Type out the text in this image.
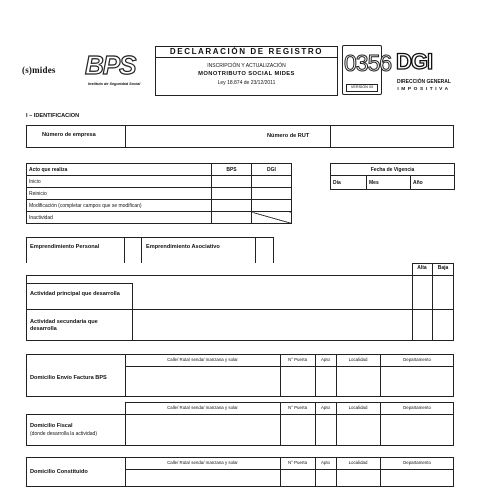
(s)mides BPS
Instituto de Seguridad Social
DECLARACIÓN DE REGISTRO
INSCRIPCIÓN Y ACTUALIZACIÓN
MONOTRIBUTO SOCIAL MIDES
Ley 18.874 de 23/12/2011
0356
VERSIÓN 00
DGI
DIRECCIÓN GENERAL
IMPOSITIVA
I – IDENTIFICACION
Número de empresa	Número de RUT
Acto que realiza	BPS	DGI
Inicio		
Reinicio		
Modificación (completar campos que se modifican)		
Inactividad		
Fecha de Vigencia
Día	Mes	Año
Emprendimiento Personal	Emprendimiento Asociativo
Alta	Baja
Actividad principal que desarrolla
Actividad secundaria que desarrolla
Calle/ Ruta/ senda/ manzana y solar	N° Puerta	Apto	Localidad	Departamento
Domicilio Envío Factura BPS
Calle/ Ruta/ senda/ manzana y solar	N° Puerta	Apto	Localidad	Departamento
Domicilio Fiscal
(donde desarrolla la actividad)
Calle/ Ruta/ senda/ manzana y solar	N° Puerta	Apto	Localidad	Departamento
Domicilio Constituido
